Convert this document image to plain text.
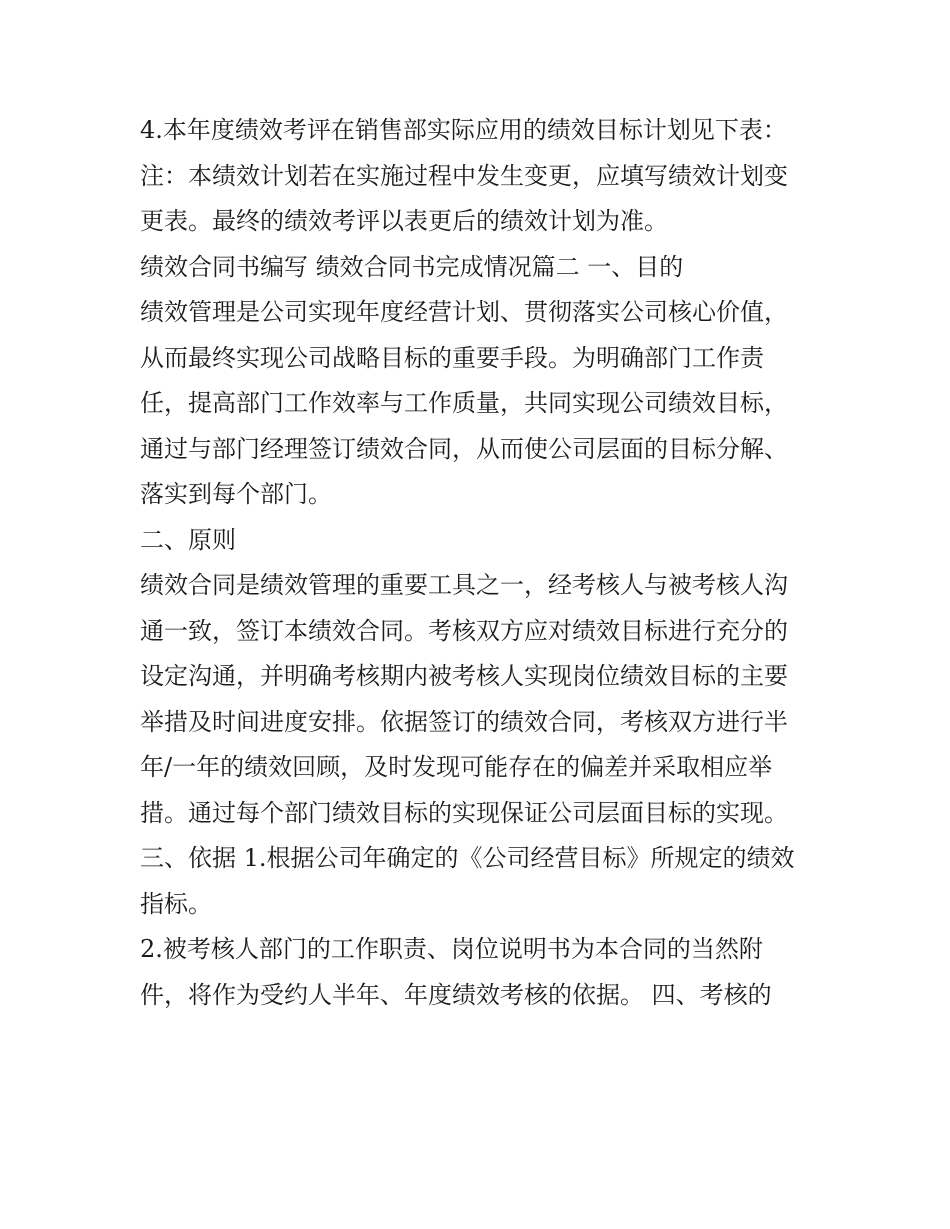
4.本年度绩效考评在销售部实际应用的绩效目标计划见下表：
注：本绩效计划若在实施过程中发生变更，应填写绩效计划变
更表。最终的绩效考评以表更后的绩效计划为准。
绩效合同书编写 绩效合同书完成情况篇二 一、目的
绩效管理是公司实现年度经营计划、贯彻落实公司核心价值，
从而最终实现公司战略目标的重要手段。为明确部门工作责
任，提高部门工作效率与工作质量，共同实现公司绩效目标，
通过与部门经理签订绩效合同，从而使公司层面的目标分解、
落实到每个部门。
二、原则
绩效合同是绩效管理的重要工具之一，经考核人与被考核人沟
通一致，签订本绩效合同。考核双方应对绩效目标进行充分的
设定沟通，并明确考核期内被考核人实现岗位绩效目标的主要
举措及时间进度安排。依据签订的绩效合同，考核双方进行半
年/一年的绩效回顾，及时发现可能存在的偏差并采取相应举
措。通过每个部门绩效目标的实现保证公司层面目标的实现。
三、依据 1.根据公司年确定的《公司经营目标》所规定的绩效
指标。
2.被考核人部门的工作职责、岗位说明书为本合同的当然附
件，将作为受约人半年、年度绩效考核的依据。 四、考核的
